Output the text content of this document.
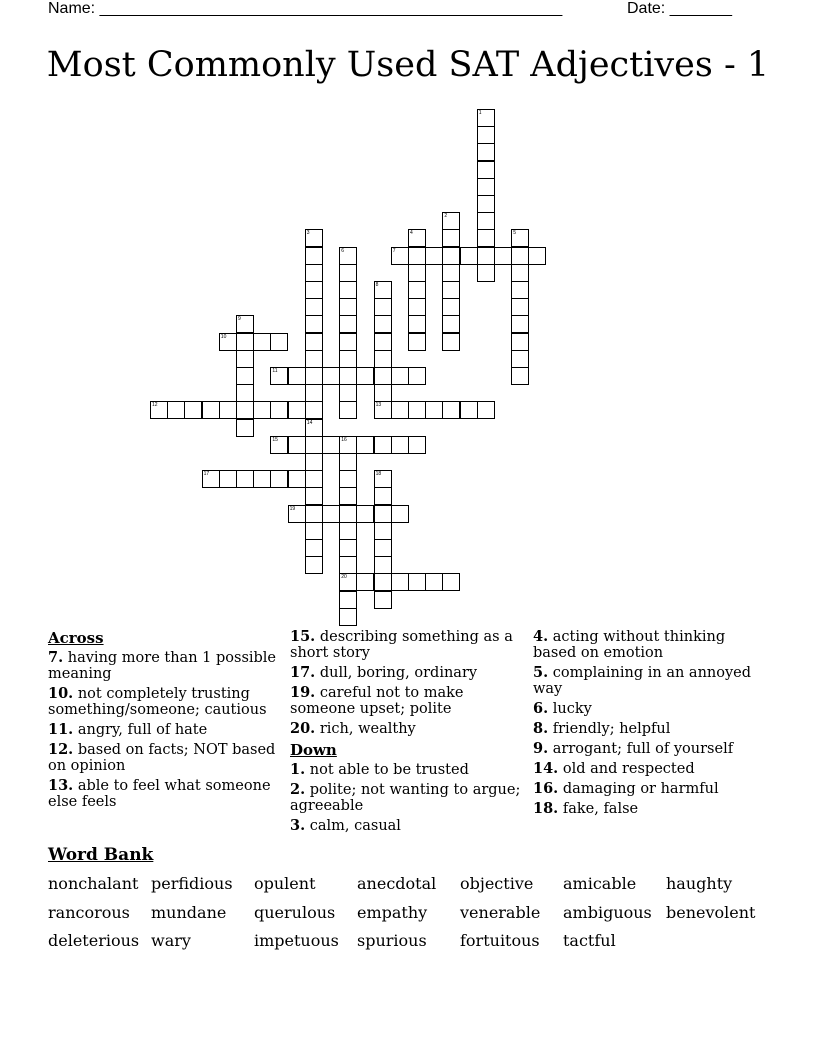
Name: ____________________________________________________	Date: _______
Most Commonly Used SAT Adjectives - 1
1
2
3
14
4	5
6	7
8
13
9
10
11
12
15	16
20
17	18
19
Across
7. having more than 1 possible meaning
10. not completely trusting something/someone; cautious
11. angry, full of hate
12. based on facts; NOT based on opinion
13. able to feel what someone else feels
15. describing something as a short story
17. dull, boring, ordinary
19. careful not to make someone upset; polite
20. rich, wealthy
Down
1. not able to be trusted
2. polite; not wanting to argue; agreeable
3. calm, casual
4. acting without thinking based on emotion
5. complaining in an annoyed way
6. lucky
8. friendly; helpful
9. arrogant; full of yourself
14. old and respected
16. damaging or harmful
18. fake, false
Word Bank
nonchalant perfidious opulent	anecdotal objective amicable haughty
rancorous mundane querulous empathy venerable ambiguous benevolent
deleterious wary	impetuous spurious fortuitous tactful
